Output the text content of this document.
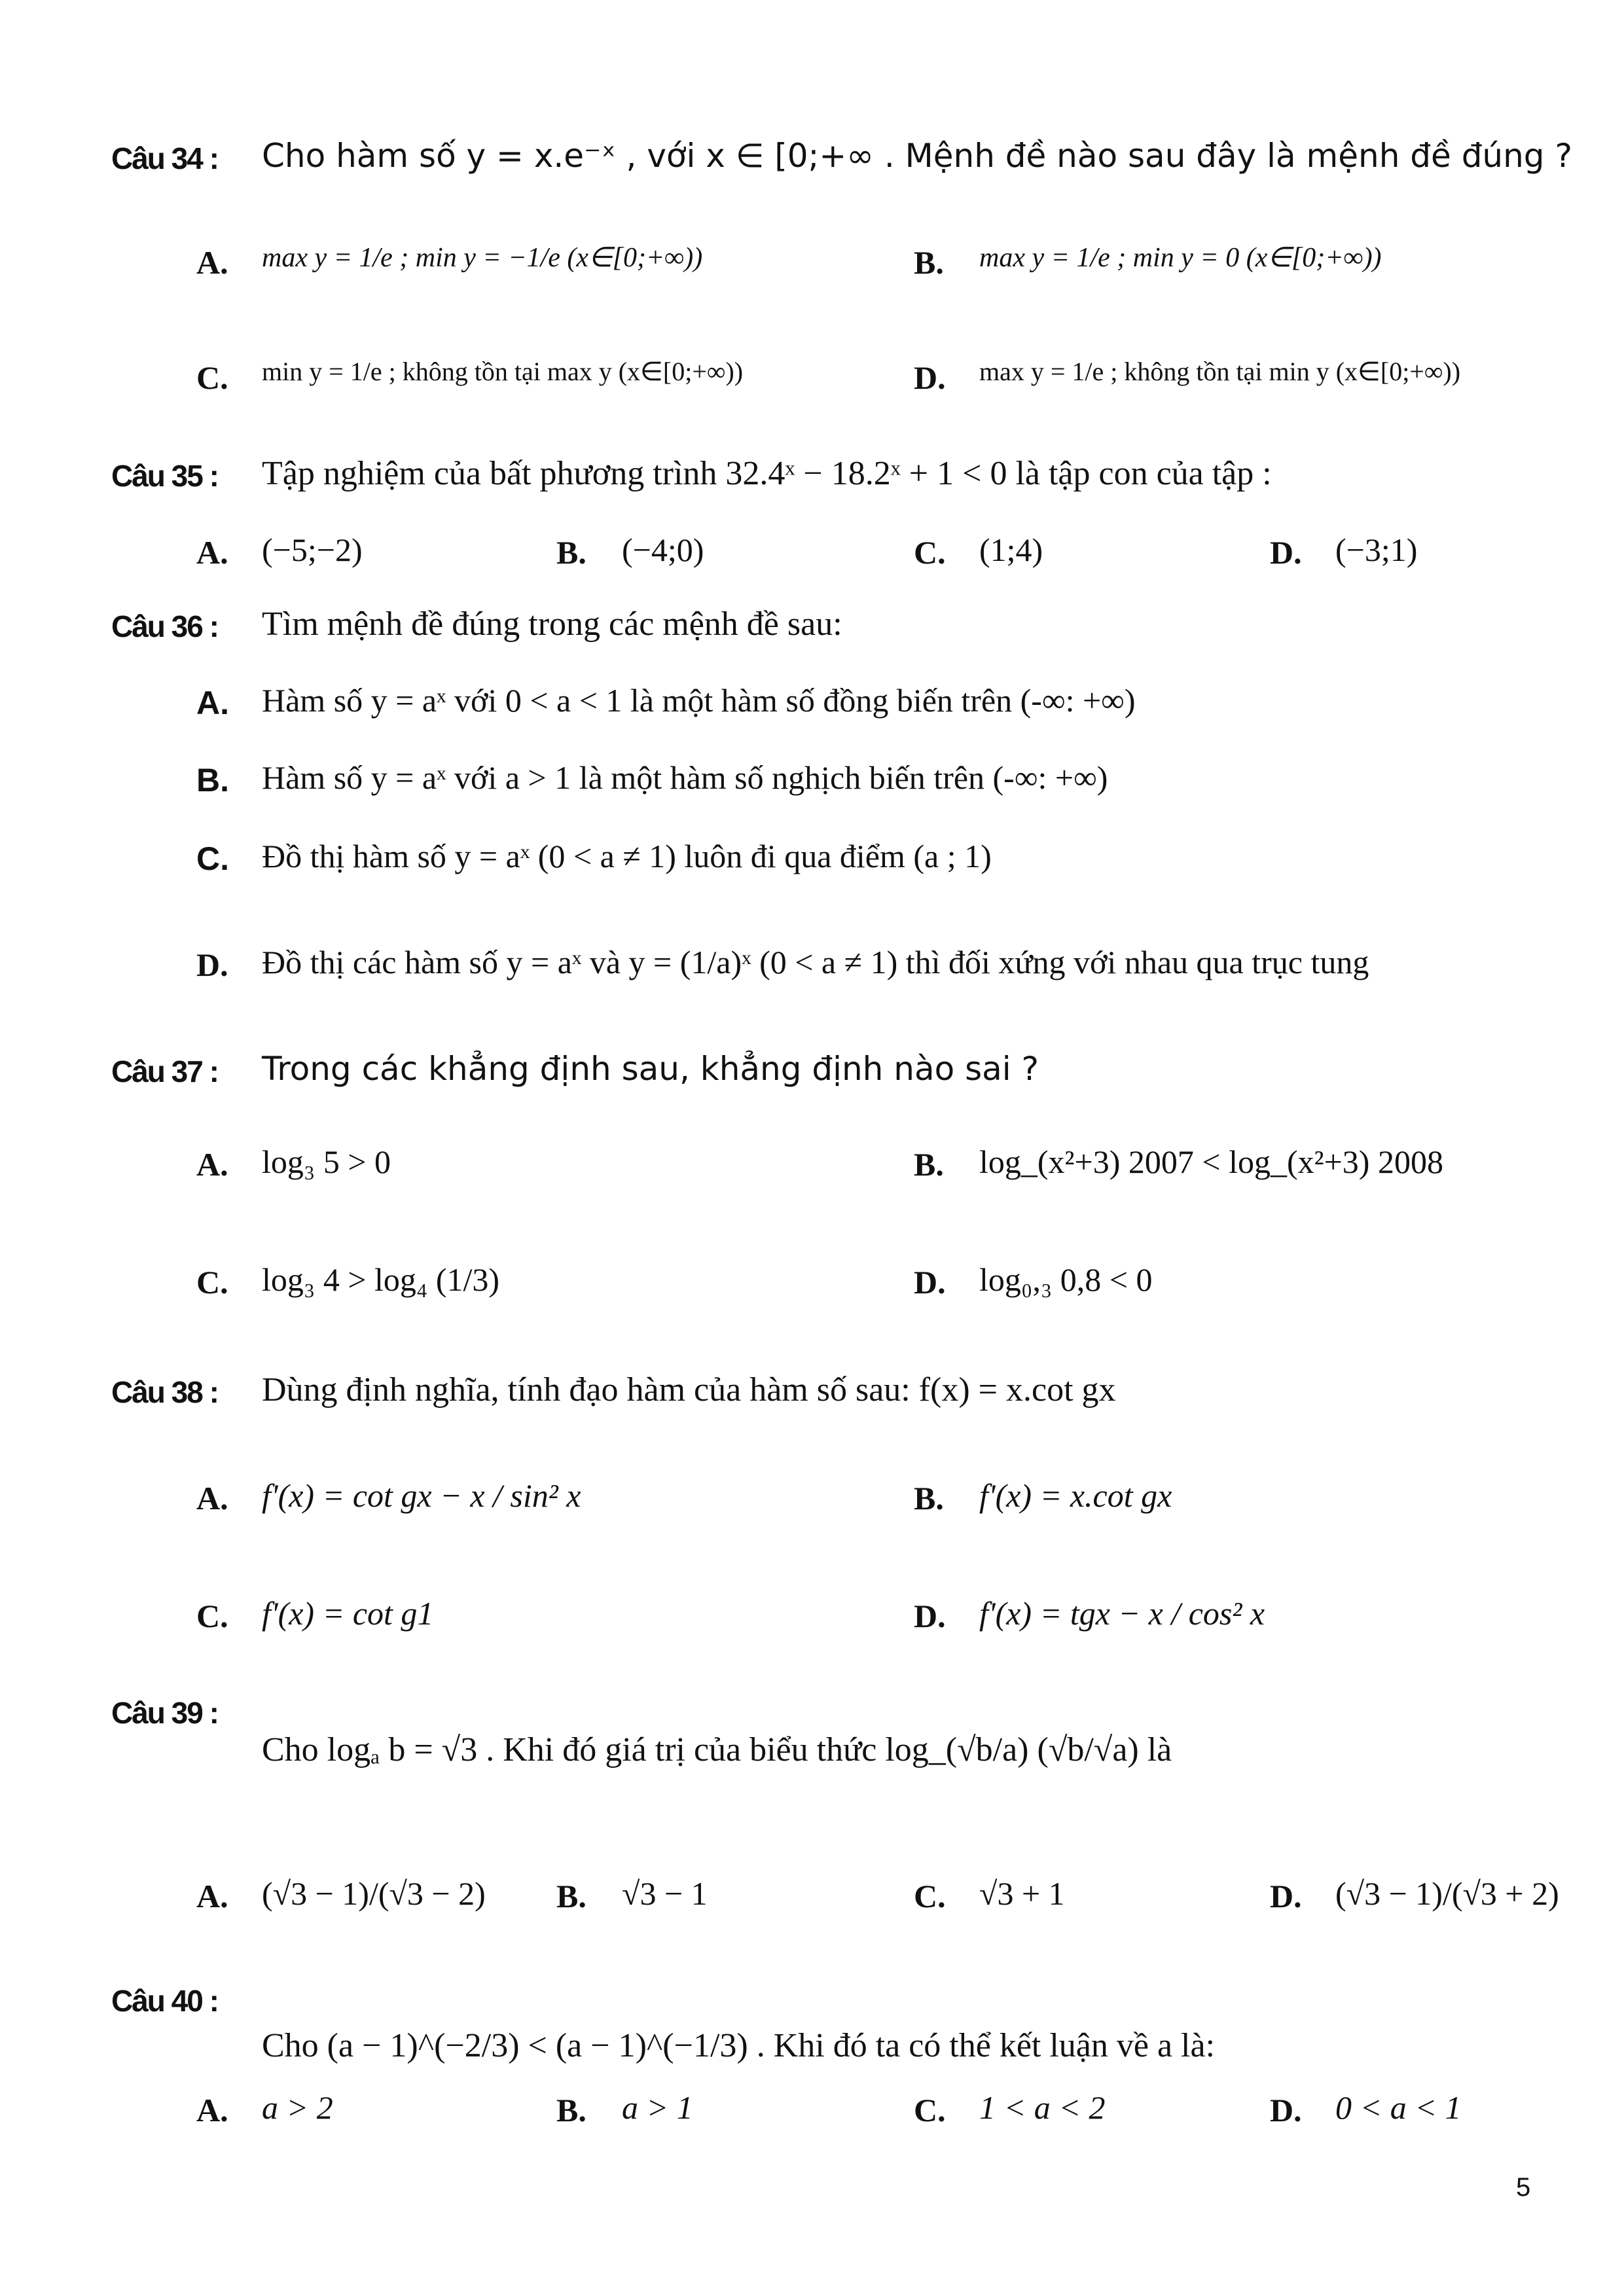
Câu 34 : Cho hàm số y = x.e⁻ˣ , với x ∈ [0;+∞ . Mệnh đề nào sau đây là mệnh đề đúng ?
A. max y = 1/e ; min y = −1/e (x∈[0;+∞))	B. max y = 1/e ; min y = 0 (x∈[0;+∞))
C. min y = 1/e ; không tồn tại max y (x∈[0;+∞))	D. max y = 1/e ; không tồn tại min y (x∈[0;+∞))
Câu 35 : Tập nghiệm của bất phương trình 32.4ˣ − 18.2ˣ + 1 < 0 là tập con của tập :
A. (−5;−2)	B. (−4;0)	C. (1;4)	D. (−3;1)
Câu 36 : Tìm mệnh đề đúng trong các mệnh đề sau:
A. Hàm số y = aˣ với 0 < a < 1 là một hàm số đồng biến trên (-∞: +∞)
B. Hàm số y = aˣ với a > 1 là một hàm số nghịch biến trên (-∞: +∞)
C. Đồ thị hàm số y = aˣ (0 < a ≠ 1) luôn đi qua điểm (a ; 1)
D. Đồ thị các hàm số y = aˣ và y = (1/a)ˣ (0 < a ≠ 1) thì đối xứng với nhau qua trục tung
Câu 37 : Trong các khẳng định sau, khẳng định nào sai ?
A. log₃ 5 > 0	B. log_(x²+3) 2007 < log_(x²+3) 2008
C. log₃ 4 > log₄ (1/3)	D. log₀,₃ 0,8 < 0
Câu 38 : Dùng định nghĩa, tính đạo hàm của hàm số sau: f(x) = x.cot gx
A. f'(x) = cot gx − x / sin² x	B. f'(x) = x.cot gx
C. f'(x) = cot g1	D. f'(x) = tgx − x / cos² x
Câu 39 :
Cho logₐ b = √3 . Khi đó giá trị của biểu thức log_(√b/a) (√b/√a) là
A. (√3 − 1)/(√3 − 2) B. √3 − 1	C. √3 + 1	D. (√3 − 1)/(√3 + 2)
Câu 40 :
Cho (a − 1)^(−2/3) < (a − 1)^(−1/3) . Khi đó ta có thể kết luận về a là:
A. a > 2	B. a > 1	C. 1 < a < 2	D. 0 < a < 1
5
